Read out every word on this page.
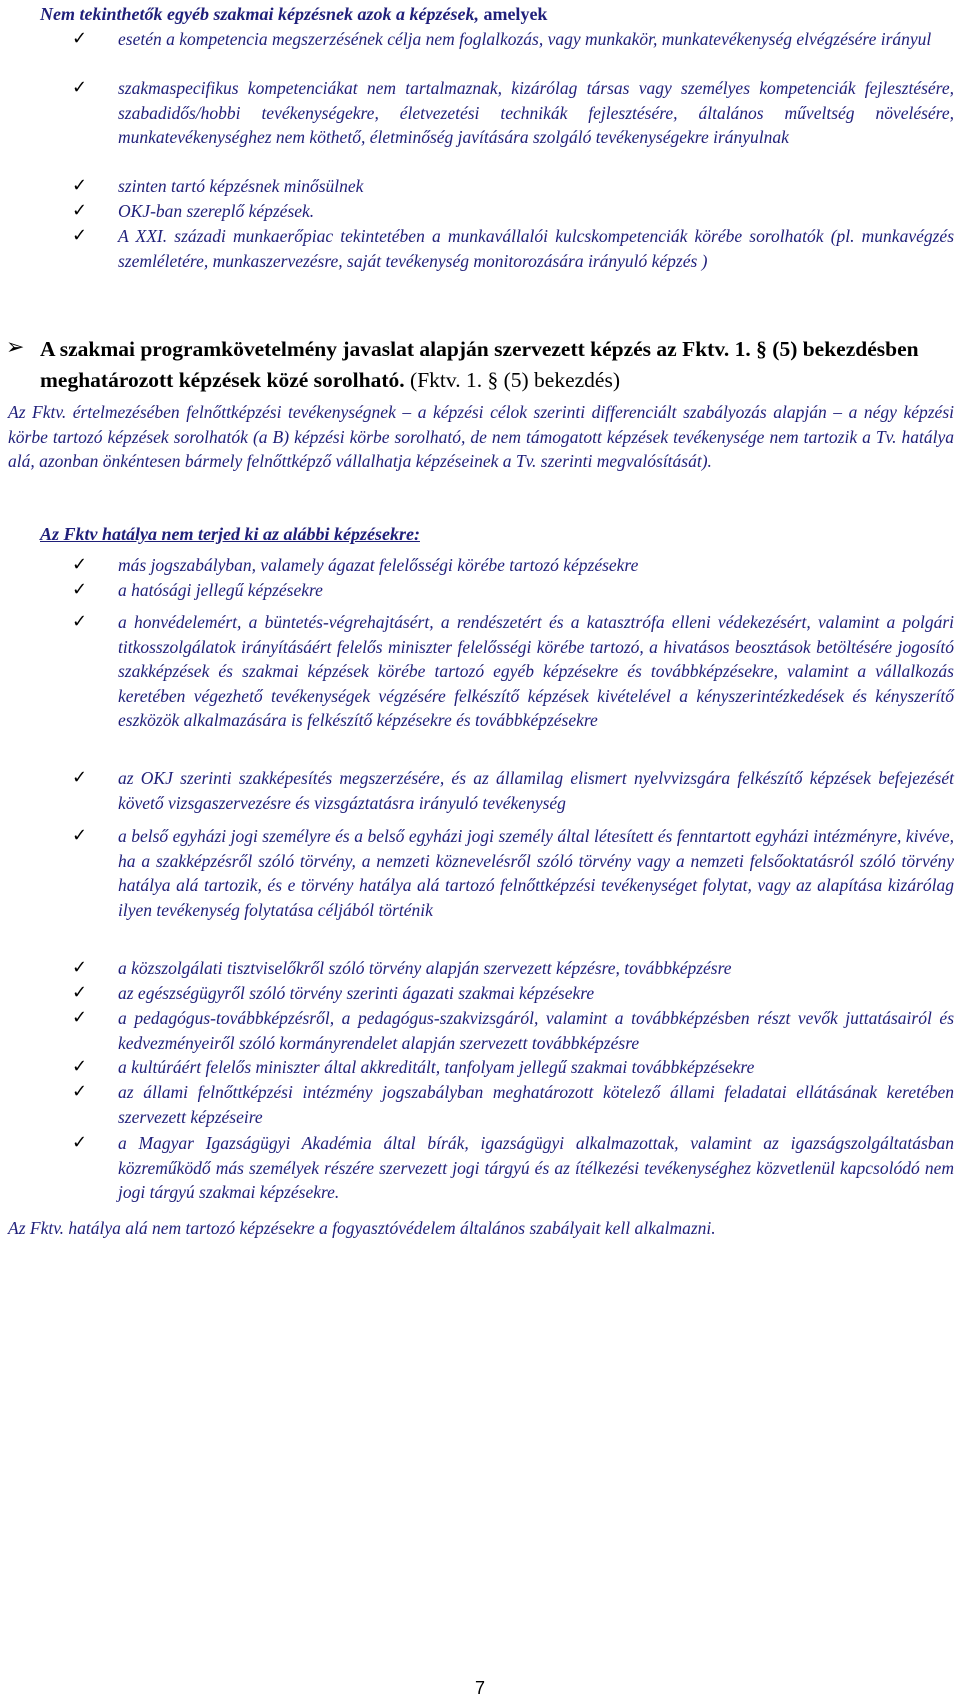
Nem tekinthetők egyéb szakmai képzésnek azok a képzések, amelyek
✓ esetén a kompetencia megszerzésének célja nem foglalkozás, vagy munkakör, munkatevékenység elvégzésére irányul
✓ szakmaspecifikus kompetenciákat nem tartalmaznak, kizárólag társas vagy személyes kompetenciák fejlesztésére, szabadidős/hobbi tevékenységekre, életvezetési technikák fejlesztésére, általános műveltség növelésére, munkatevékenységhez nem köthető, életminőség javítására szolgáló tevékenységekre irányulnak
✓ szinten tartó képzésnek minősülnek
✓ OKJ-ban szereplő képzések.
✓ A XXI. századi munkaerőpiac tekintetében a munkavállalói kulcskompetenciák körébe sorolhatók (pl. munkavégzés szemléletére, munkaszervezésre, saját tevékenység monitorozására irányuló képzés )
➢ A szakmai programkövetelmény javaslat alapján szervezett képzés az Fktv. 1. § (5) bekezdésben meghatározott képzések közé sorolható. (Fktv. 1. § (5) bekezdés)
Az Fktv. értelmezésében felnőttképzési tevékenységnek – a képzési célok szerinti differenciált szabályozás alapján – a négy képzési körbe tartozó képzések sorolhatók (a B) képzési körbe sorolható, de nem támogatott képzések tevékenysége nem tartozik a Tv. hatálya alá, azonban önkéntesen bármely felnőttképző vállalhatja képzéseinek a Tv. szerinti megvalósítását).
Az Fktv hatálya nem terjed ki az alábbi képzésekre:
✓ más jogszabályban, valamely ágazat felelősségi körébe tartozó képzésekre
✓ a hatósági jellegű képzésekre
✓ a honvédelemért, a büntetés-végrehajtásért, a rendészetért és a katasztrófa elleni védekezésért, valamint a polgári titkosszolgálatok irányításáért felelős miniszter felelősségi körébe tartozó, a hivatásos beosztások betöltésére jogosító szakképzések és szakmai képzések körébe tartozó egyéb képzésekre és továbbképzésekre, valamint a vállalkozás keretében végezhető tevékenységek végzésére felkészítő képzések kivételével a kényszerintézkedések és kényszerítő eszközök alkalmazására is felkészítő képzésekre és továbbképzésekre
✓ az OKJ szerinti szakképesítés megszerzésére, és az államilag elismert nyelvvizsgára felkészítő képzések befejezését követő vizsgaszervezésre és vizsgáztatásra irányuló tevékenység
✓ a belső egyházi jogi személyre és a belső egyházi jogi személy által létesített és fenntartott egyházi intézményre, kivéve, ha a szakképzésről szóló törvény, a nemzeti köznevelésről szóló törvény vagy a nemzeti felsőoktatásról szóló törvény hatálya alá tartozik, és e törvény hatálya alá tartozó felnőttképzési tevékenységet folytat, vagy az alapítása kizárólag ilyen tevékenység folytatása céljából történik
✓ a közszolgálati tisztviselőkről szóló törvény alapján szervezett képzésre, továbbképzésre
✓ az egészségügyről szóló törvény szerinti ágazati szakmai képzésekre
✓ a pedagógus-továbbképzésről, a pedagógus-szakvizsgáról, valamint a továbbképzésben részt vevők juttatásairól és kedvezményeiről szóló kormányrendelet alapján szervezett továbbképzésre
✓ a kultúráért felelős miniszter által akkreditált, tanfolyam jellegű szakmai továbbképzésekre
✓ az állami felnőttképzési intézmény jogszabályban meghatározott kötelező állami feladatai ellátásának keretében szervezett képzéseire
✓ a Magyar Igazságügyi Akadémia által bírák, igazságügyi alkalmazottak, valamint az igazságszolgáltatásban közreműködő más személyek részére szervezett jogi tárgyú és az ítélkezési tevékenységhez közvetlenül kapcsolódó nem jogi tárgyú szakmai képzésekre.
Az Fktv. hatálya alá nem tartozó képzésekre a fogyasztóvédelem általános szabályait kell alkalmazni.
7
